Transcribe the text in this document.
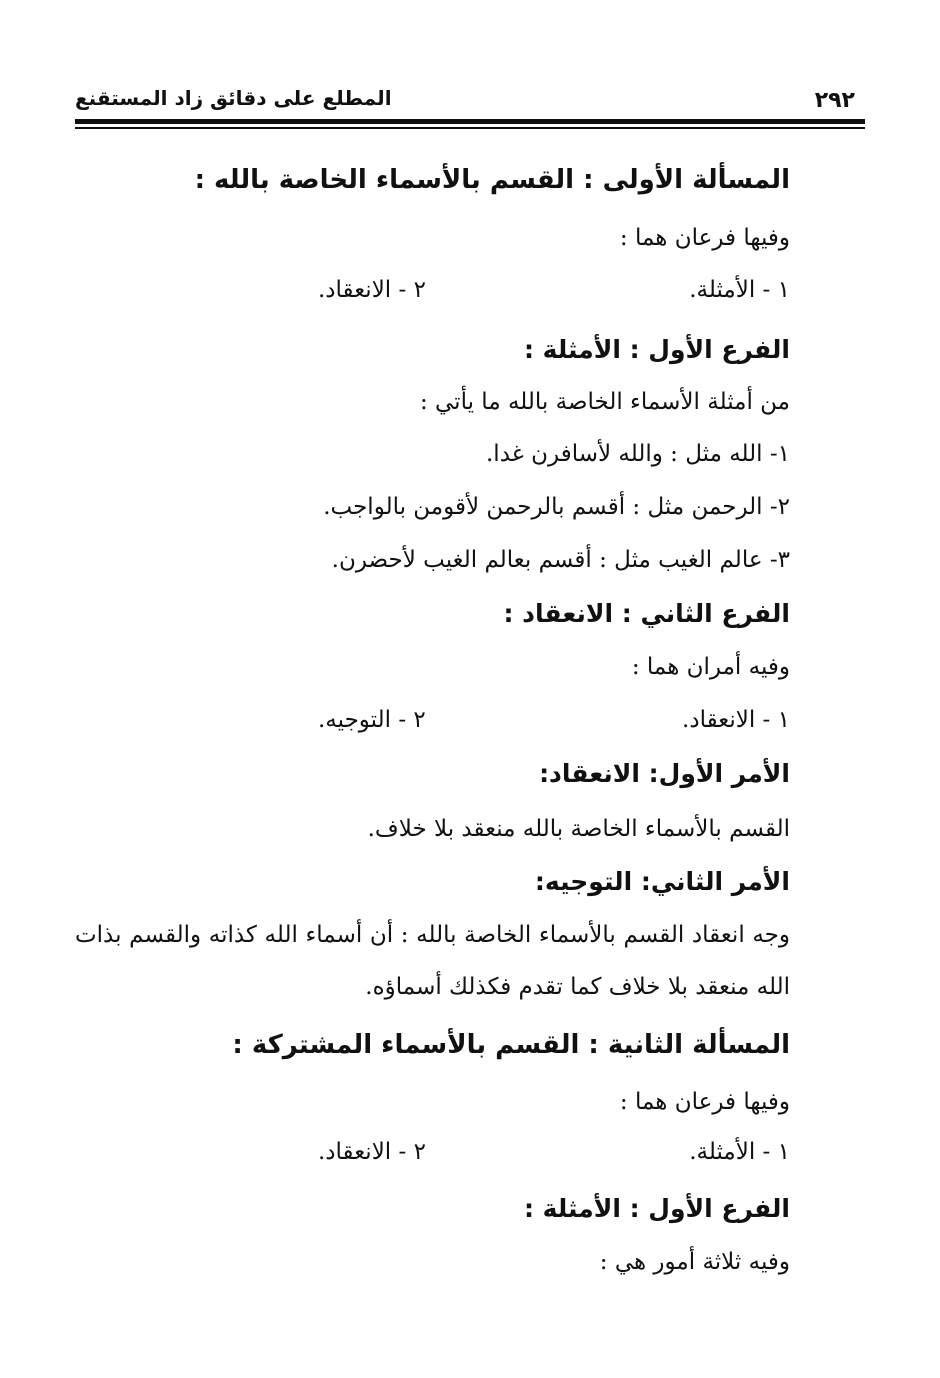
٢٩٢
المطلع على دقائق زاد المستقنع
المسألة الأولى : القسم بالأسماء الخاصة بالله :
وفيها فرعان هما :
١ - الأمثلة.
٢ - الانعقاد.
الفرع الأول : الأمثلة :
من أمثلة الأسماء الخاصة بالله ما يأتي :
١- الله مثل : والله لأسافرن غدا.
٢- الرحمن مثل : أقسم بالرحمن لأقومن بالواجب.
٣- عالم الغيب مثل : أقسم بعالم الغيب لأحضرن.
الفرع الثاني : الانعقاد :
وفيه أمران هما :
١ - الانعقاد.
٢ - التوجيه.
الأمر الأول: الانعقاد:
القسم بالأسماء الخاصة بالله منعقد بلا خلاف.
الأمر الثاني: التوجيه:
وجه انعقاد القسم بالأسماء الخاصة بالله : أن أسماء الله كذاته والقسم بذات
الله منعقد بلا خلاف كما تقدم فكذلك أسماؤه.
المسألة الثانية : القسم بالأسماء المشتركة :
وفيها فرعان هما :
١ - الأمثلة.
٢ - الانعقاد.
الفرع الأول : الأمثلة :
وفيه ثلاثة أمور هي :
